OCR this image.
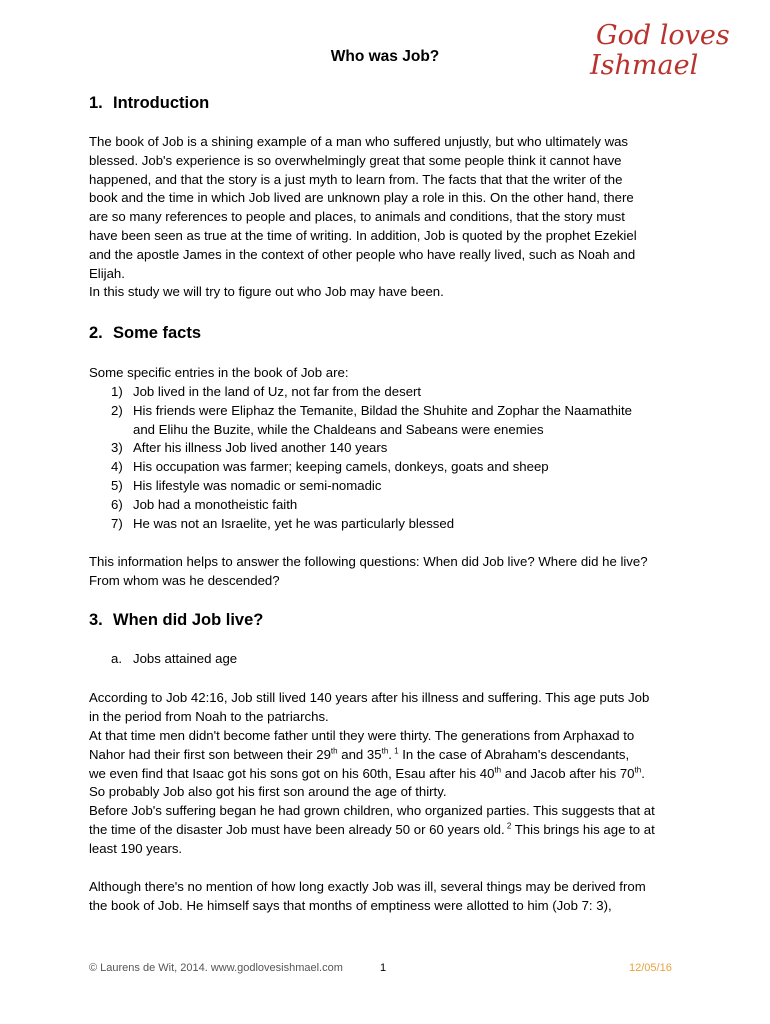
God loves
Ishmael
Who was Job?
1. Introduction

The book of Job is a shining example of a man who suffered unjustly, but who ultimately was

blessed. Job's experience is so overwhelmingly great that some people think it cannot have

happened, and that the story is a just myth to learn from. The facts that that the writer of the

book and the time in which Job lived are unknown play a role in this. On the other hand, there

are so many references to people and places, to animals and conditions, that the story must

have been seen as true at the time of writing. In addition, Job is quoted by the prophet Ezekiel

and the apostle James in the context of other people who have really lived, such as Noah and

Elijah.

In this study we will try to figure out who Job may have been.

2. Some facts
Some specific entries in the book of Job are:
1) Job lived in the land of Uz, not far from the desert
2) His friends were Eliphaz the Temanite, Bildad the Shuhite and Zophar the Naamathite
and Elihu the Buzite, while the Chaldeans and Sabeans were enemies
3) After his illness Job lived another 140 years
4) His occupation was farmer; keeping camels, donkeys, goats and sheep
5) His lifestyle was nomadic or semi-nomadic
6) Job had a monotheistic faith
7) He was not an Israelite, yet he was particularly blessed

This information helps to answer the following questions: When did Job live? Where did he live?

From whom was he descended?

3. When did Job live?
a. Jobs attained age

According to Job 42:16, Job still lived 140 years after his illness and suffering. This age puts Job

in the period from Noah to the patriarchs.

At that time men didn't become father until they were thirty. The generations from Arphaxad to

Nahor had their first son between their 29th and 35th. $^1$ In the case of Abraham's descendants,

we even find that Isaac got his sons got on his 60th, Esau after his 40th and Jacob after his 70th.

So probably Job also got his first son around the age of thirty.

Before Job's suffering began he had grown children, who organized parties. This suggests that at

the time of the disaster Job must have been already 50 or 60 years old. $^2$ This brings his age to at

least 190 years.

Although there's no mention of how long exactly Job was ill, several things may be derived from

the book of Job. He himself says that months of emptiness were allotted to him (Job 7: 3),

© Laurens de Wit, 2014. www.godlovesishmael.com	1	12/05/16
